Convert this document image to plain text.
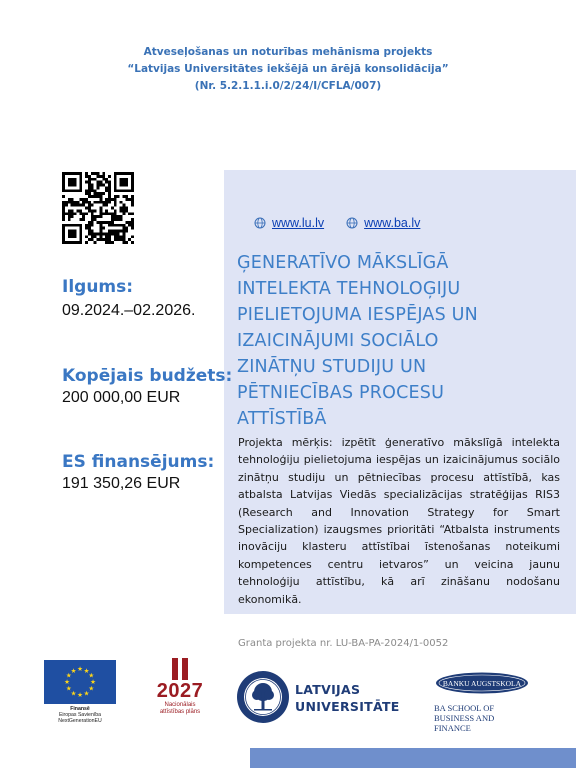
Atveseļošanas un noturības mehānisma projekts
“Latvijas Universitātes iekšējā un ārējā konsolidācija”
(Nr. 5.2.1.1.i.0/2/24/I/CFLA/007)
www.lu.lv	www.ba.lv
ĢENERATĪVO MĀKSLĪGĀ
INTELEKTA TEHNOLOĢIJU
PIELIETOJUMA IESPĒJAS UN
IZAICINĀJUMI SOCIĀLO
ZINĀTŅU STUDIJU UN
PĒTNIECĪBAS PROCESU
ATTĪSTĪBĀ
Ilgums:
09.2024.–02.2026.
Kopējais budžets:
200 000,00 EUR
ES finansējums:
191 350,26 EUR
Projekta mērķis: izpētīt ģeneratīvo mākslīgā intelekta tehnoloģiju pielietojuma iespējas un izaicinājumus sociālo zinātņu studiju un pētniecības procesu attīstībā, kas atbalsta Latvijas Viedās specializācijas stratēģijas RIS3 (Research and Innovation Strategy for Smart Specialization) izaugsmes prioritāti “Atbalsta instruments inovāciju klasteru attīstībai īstenošanas noteikumi kompetences centru ietvaros” un veicina jaunu tehnoloģiju attīstību, kā arī zināšanu nodošanu ekonomikā.
Granta projekta nr. LU-BA-PA-2024/1-0052
★
★
★
★
★
★
★
★
★ ★ ★
★
Finansē
Eiropas Savienība
NextGenerationEU
2027
Nacionālais
attīstības plāns
LATVIJAS
UNIVERSITĀTE
BANKU AUGSTSKOLA
BA SCHOOL OF
BUSINESS AND FINANCE
